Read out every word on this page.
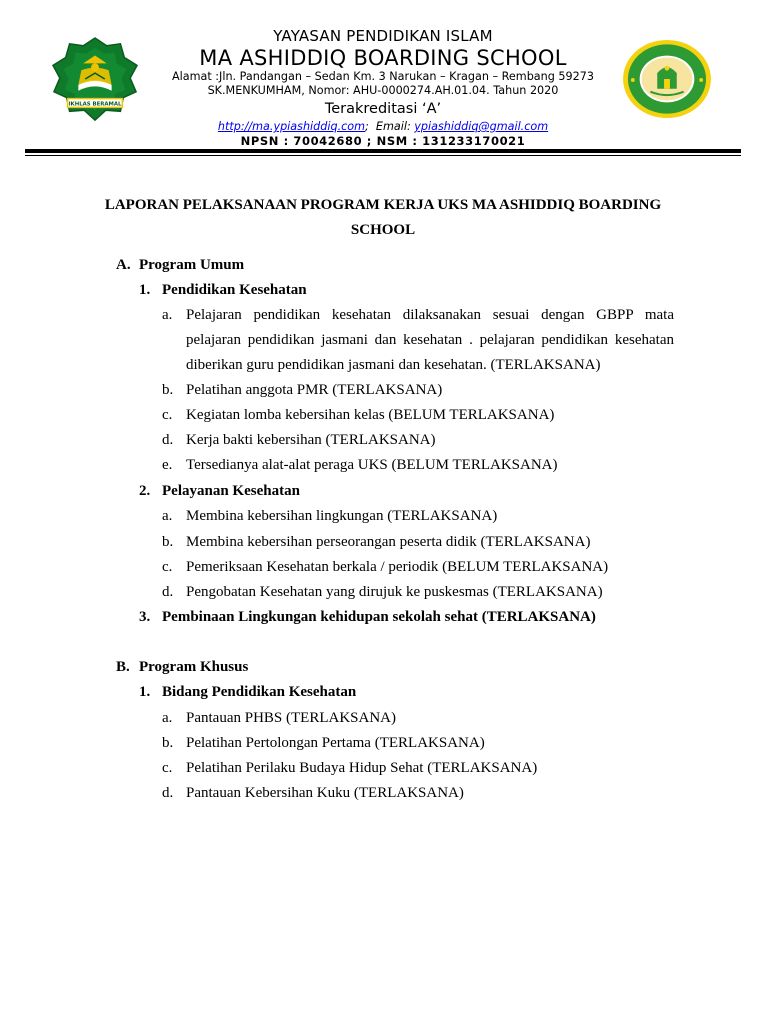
IKHLAS BERAMAL
YAYASAN PENDIDIKAN ISLAM
MA ASHIDDIQ BOARDING SCHOOL
Alamat :Jln. Pandangan – Sedan Km. 3 Narukan – Kragan – Rembang 59273
SK.MENKUMHAM, Nomor: AHU-0000274.AH.01.04. Tahun 2020
Terakreditasi ‘A’
http://ma.ypiashiddiq.com;  Email: ypiashiddiq@gmail.com
NPSN : 70042680 ; NSM : 131233170021
LAPORAN PELAKSANAAN PROGRAM KERJA UKS MA ASHIDDIQ BOARDING
SCHOOL
A. Program Umum
1. Pendidikan Kesehatan
a. Pelajaran pendidikan kesehatan dilaksanakan sesuai dengan GBPP mata
pelajaran pendidikan jasmani dan kesehatan . pelajaran pendidikan kesehatan
diberikan guru pendidikan jasmani dan kesehatan. (TERLAKSANA)
b. Pelatihan anggota PMR (TERLAKSANA)
c. Kegiatan lomba kebersihan kelas (BELUM TERLAKSANA)
d. Kerja bakti kebersihan (TERLAKSANA)
e. Tersedianya alat-alat peraga UKS (BELUM TERLAKSANA)
2. Pelayanan Kesehatan
a. Membina kebersihan lingkungan (TERLAKSANA)
b. Membina kebersihan perseorangan peserta didik (TERLAKSANA)
c. Pemeriksaan Kesehatan berkala / periodik (BELUM TERLAKSANA)
d. Pengobatan Kesehatan yang dirujuk ke puskesmas (TERLAKSANA)
3. Pembinaan Lingkungan kehidupan sekolah sehat (TERLAKSANA)
B. Program Khusus
1. Bidang Pendidikan Kesehatan
a. Pantauan PHBS (TERLAKSANA)
b. Pelatihan Pertolongan Pertama (TERLAKSANA)
c. Pelatihan Perilaku Budaya Hidup Sehat (TERLAKSANA)
d. Pantauan Kebersihan Kuku (TERLAKSANA)
